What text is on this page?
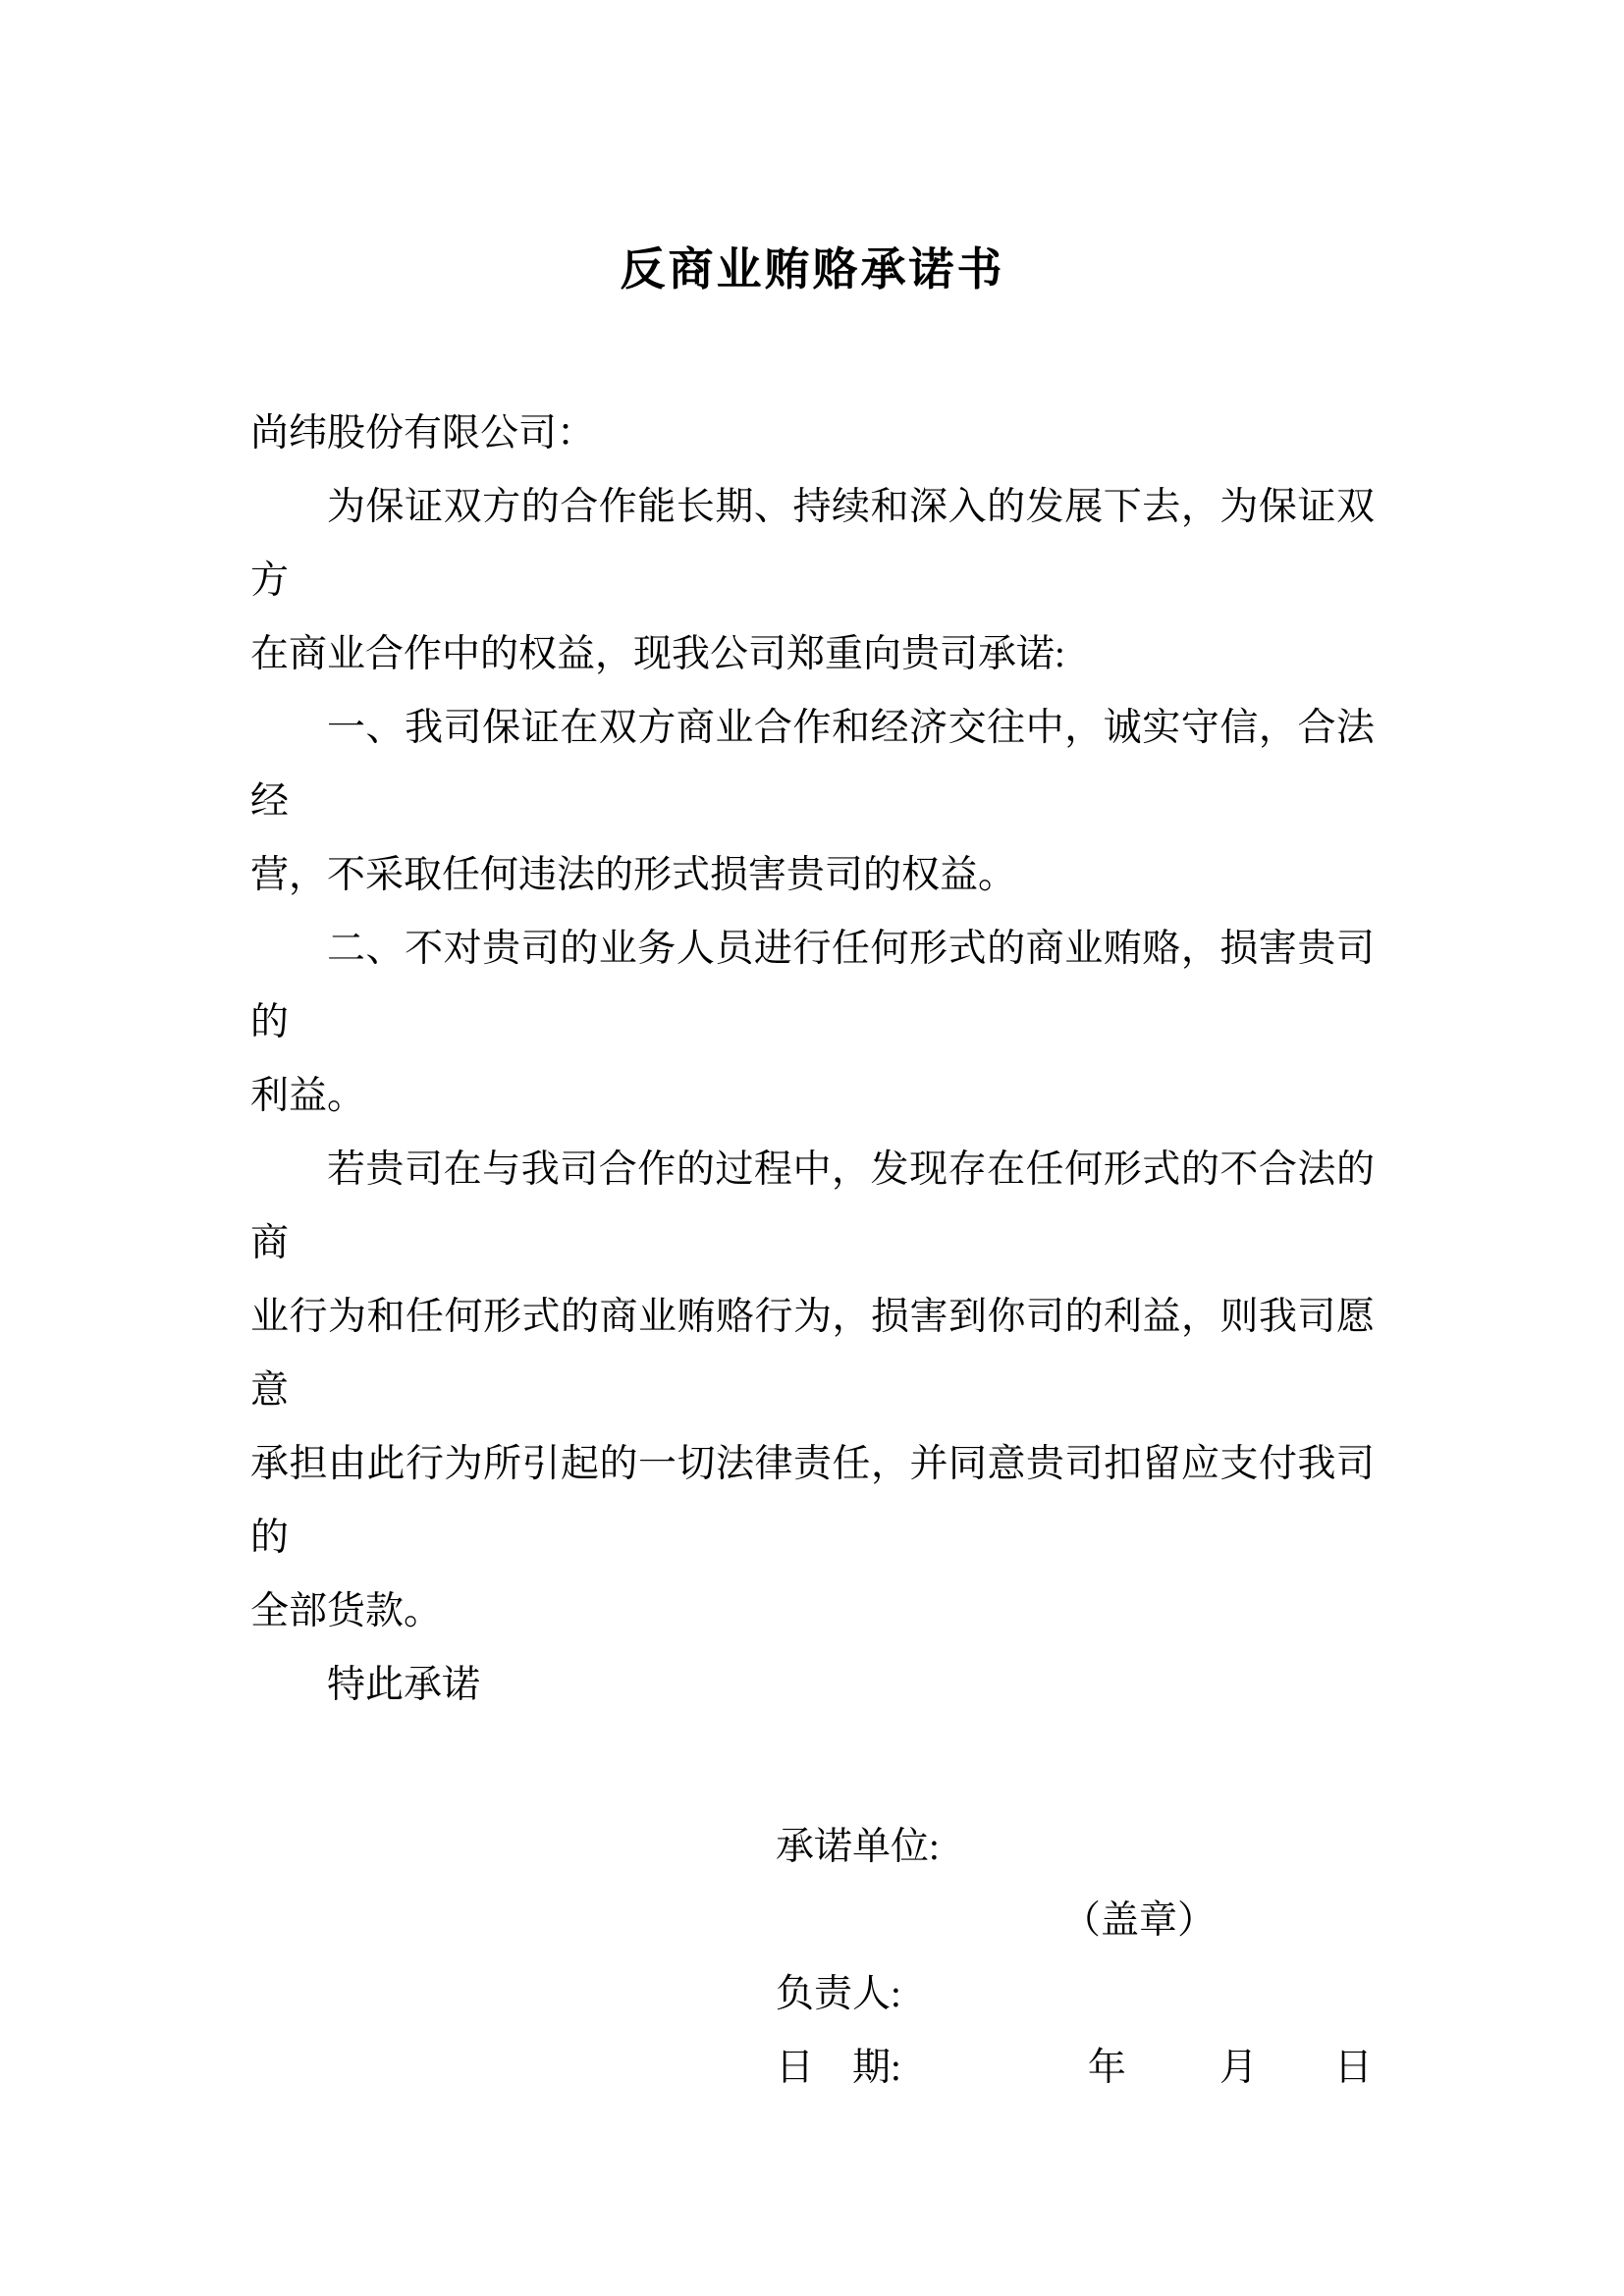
反商业贿赂承诺书
尚纬股份有限公司：
为保证双方的合作能长期、持续和深入的发展下去，为保证双方
在商业合作中的权益，现我公司郑重向贵司承诺:
一、我司保证在双方商业合作和经济交往中，诚实守信，合法经
营，不采取任何违法的形式损害贵司的权益。
二、不对贵司的业务人员进行任何形式的商业贿赂，损害贵司的
利益。
若贵司在与我司合作的过程中，发现存在任何形式的不合法的商
业行为和任何形式的商业贿赂行为，损害到你司的利益，则我司愿意
承担由此行为所引起的一切法律责任，并同意贵司扣留应支付我司的
全部货款。
特此承诺
承诺单位:
（盖章）
负责人:
日　期:	年 月 日
